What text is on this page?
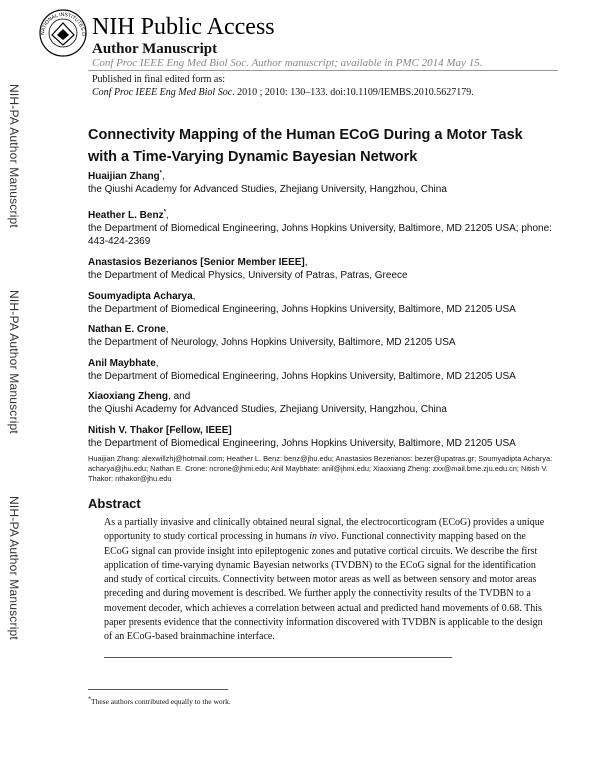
NATIONAL INSTITUTES O NIH Public Access
Author Manuscript
Conf Proc IEEE Eng Med Biol Soc. Author manuscript; available in PMC 2014 May 15.
Published in final edited form as:
Conf Proc IEEE Eng Med Biol Soc. 2010 ; 2010: 130–133. doi:10.1109/IEMBS.2010.5627179.
NIH-PA Author Manuscript
NIH-PA Author Manuscript
NIH-PA Author Manuscript
Connectivity Mapping of the Human ECoG During a Motor Task with a Time-Varying Dynamic Bayesian Network
Huaijian Zhang*,
the Qiushi Academy for Advanced Studies, Zhejiang University, Hangzhou, China
Heather L. Benz*,
the Department of Biomedical Engineering, Johns Hopkins University, Baltimore, MD 21205 USA; phone: 443-424-2369
Anastasios Bezerianos [Senior Member IEEE],
the Department of Medical Physics, University of Patras, Patras, Greece
Soumyadipta Acharya,
the Department of Biomedical Engineering, Johns Hopkins University, Baltimore, MD 21205 USA
Nathan E. Crone,
the Department of Neurology, Johns Hopkins University, Baltimore, MD 21205 USA
Anil Maybhate,
the Department of Biomedical Engineering, Johns Hopkins University, Baltimore, MD 21205 USA
Xiaoxiang Zheng, and
the Qiushi Academy for Advanced Studies, Zhejiang University, Hangzhou, China
Nitish V. Thakor [Fellow, IEEE]
the Department of Biomedical Engineering, Johns Hopkins University, Baltimore, MD 21205 USA
Huaijian Zhang: alexwillzhj@hotmail.com; Heather L. Benz: benz@jhu.edu; Anastasios Bezerianos: bezer@upatras.gr; Soumyadipta Acharya: acharya@jhu.edu; Nathan E. Crone: ncrone@jhmi.edu; Anil Maybhate: anil@jhmi.edu; Xiaoxiang Zheng: zxx@mail.bme.zju.edu.cn; Nitish V. Thakor: nthakor@jhu.edu
Abstract
As a partially invasive and clinically obtained neural signal, the electrocorticogram (ECoG) provides a unique opportunity to study cortical processing in humans in vivo. Functional connectivity mapping based on the ECoG signal can provide insight into epileptogenic zones and putative cortical circuits. We describe the first application of time-varying dynamic Bayesian networks (TVDBN) to the ECoG signal for the identification and study of cortical circuits. Connectivity between motor areas as well as between sensory and motor areas preceding and during movement is described. We further apply the connectivity results of the TVDBN to a movement decoder, which achieves a correlation between actual and predicted hand movements of 0.68. This paper presents evidence that the connectivity information discovered with TVDBN is applicable to the design of an ECoG-based brainmachine interface.
*These authors contributed equally to the work.
